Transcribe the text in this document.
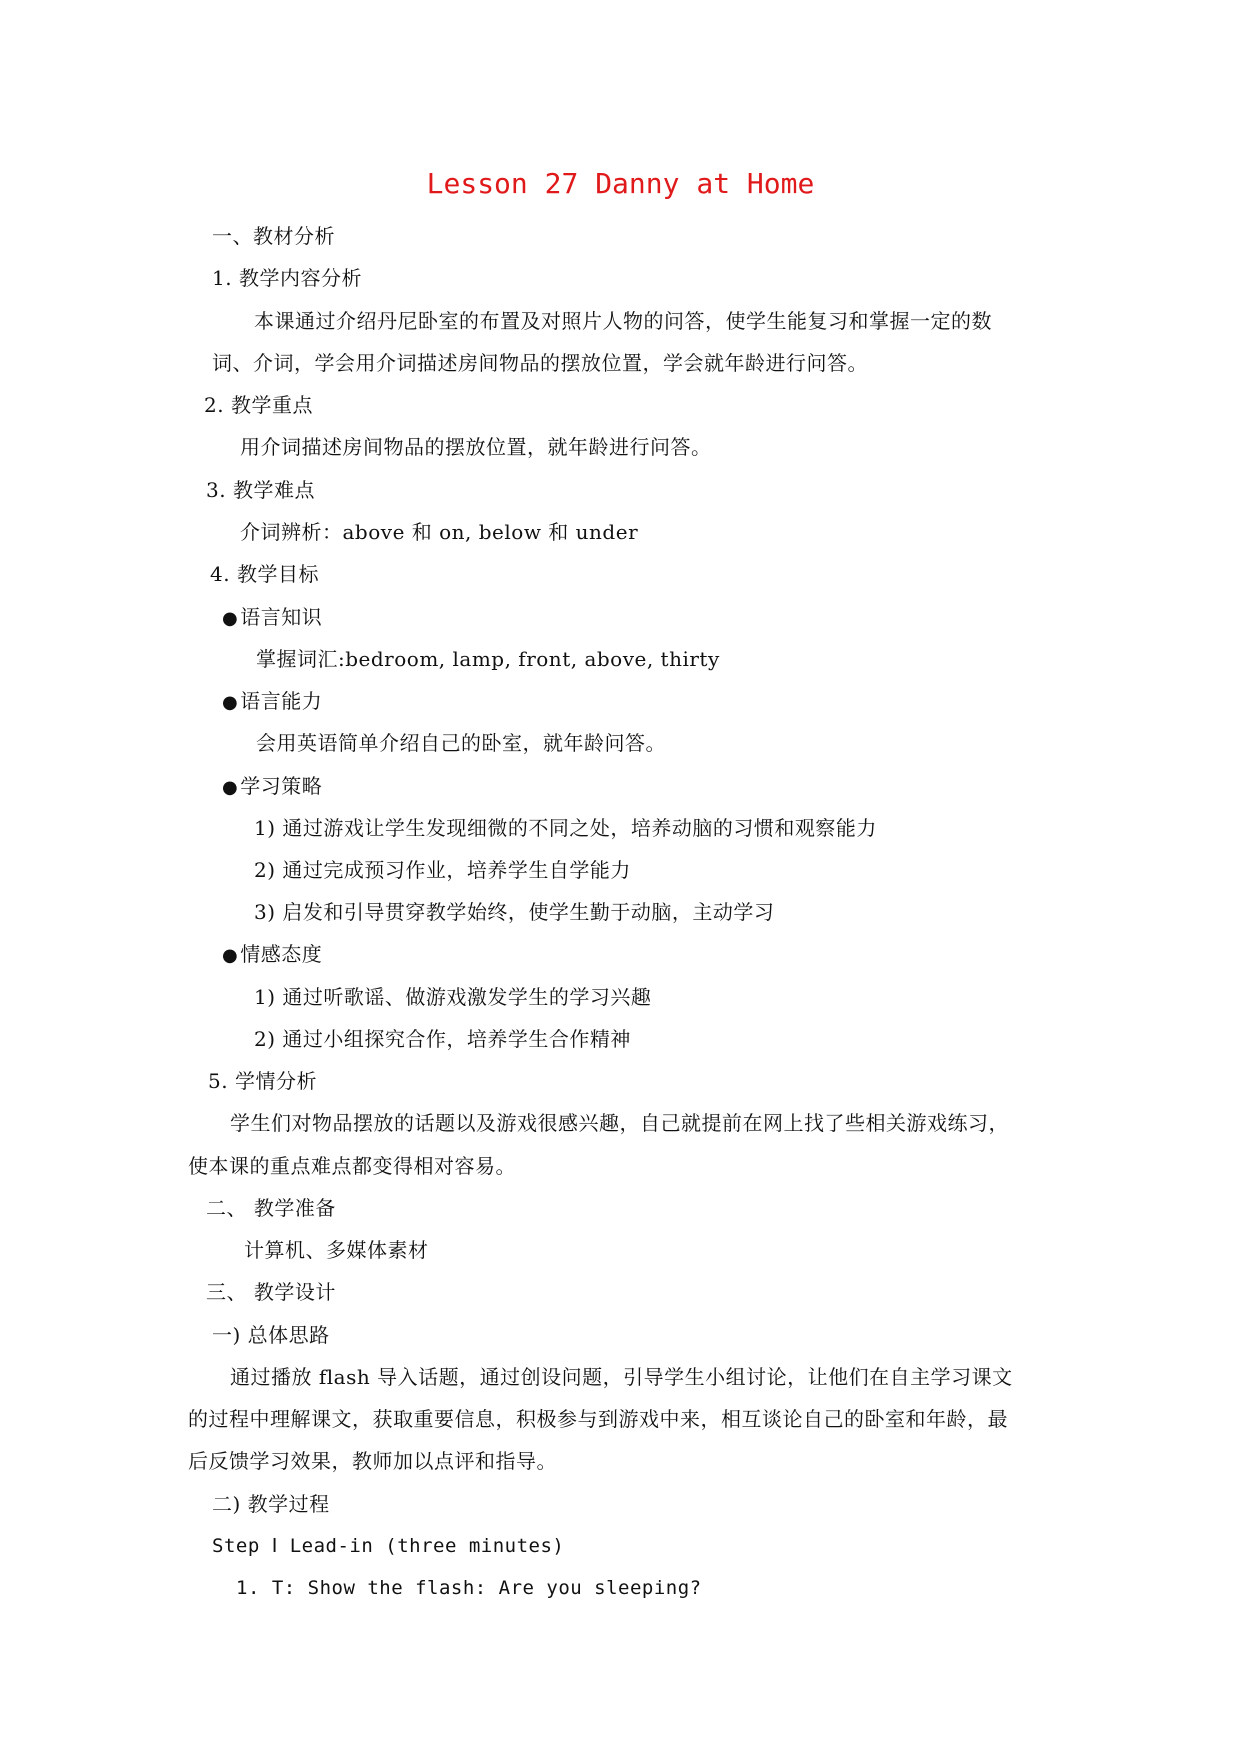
Lesson 27 Danny at Home
一、教材分析
1. 教学内容分析
本课通过介绍丹尼卧室的布置及对照片人物的问答，使学生能复习和掌握一定的数
词、介词，学会用介词描述房间物品的摆放位置，学会就年龄进行问答。
2. 教学重点
用介词描述房间物品的摆放位置，就年龄进行问答。
3. 教学难点
介词辨析：above 和 on, below 和 under
4. 教学目标
● 语言知识
掌握词汇:bedroom, lamp, front, above, thirty
● 语言能力
会用英语简单介绍自己的卧室，就年龄问答。
● 学习策略
1) 通过游戏让学生发现细微的不同之处，培养动脑的习惯和观察能力
2) 通过完成预习作业，培养学生自学能力
3) 启发和引导贯穿教学始终，使学生勤于动脑，主动学习
● 情感态度
1) 通过听歌谣、做游戏激发学生的学习兴趣
2) 通过小组探究合作，培养学生合作精神
5. 学情分析
学生们对物品摆放的话题以及游戏很感兴趣，自己就提前在网上找了些相关游戏练习，
使本课的重点难点都变得相对容易。
二、 教学准备
计算机、多媒体素材
三、 教学设计
一) 总体思路
通过播放 flash 导入话题，通过创设问题，引导学生小组讨论，让他们在自主学习课文
的过程中理解课文，获取重要信息，积极参与到游戏中来，相互谈论自己的卧室和年龄，最
后反馈学习效果，教师加以点评和指导。
二) 教学过程
Step Ⅰ Lead-in (three minutes)
1. T: Show the flash: Are you sleeping?
